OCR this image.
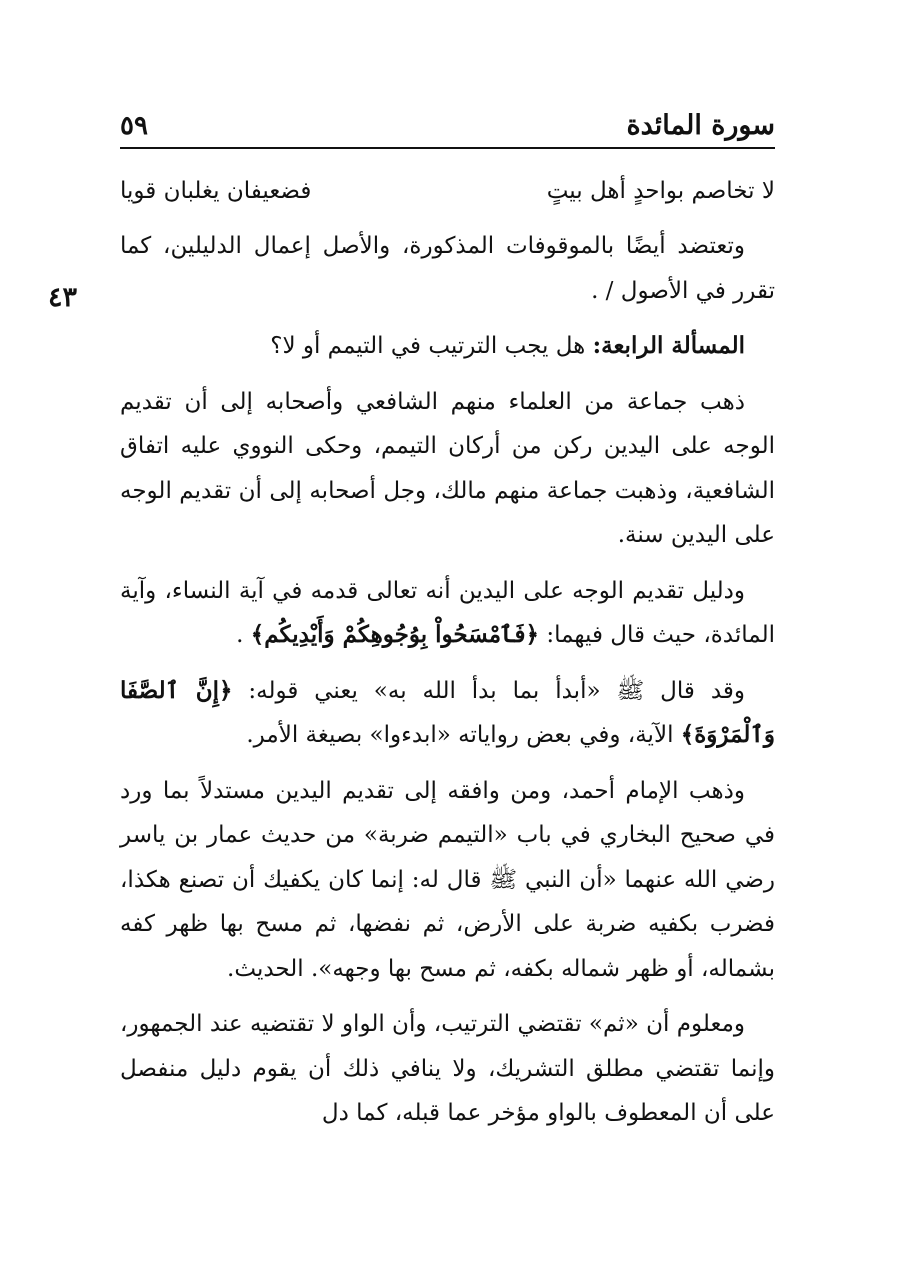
سورة المائدة
٥٩
٤٣
لا تخاصم بواحدٍ أهل بيتٍ
فضعيفان يغلبان قويا

وتعتضد أيضًا بالموقوفات المذكورة، والأصل إعمال الدليلين، كما تقرر في الأصول / .

المسألة الرابعة: هل يجب الترتيب في التيمم أو لا؟

ذهب جماعة من العلماء منهم الشافعي وأصحابه إلى أن تقديم الوجه على اليدين ركن من أركان التيمم، وحكى النووي عليه اتفاق الشافعية، وذهبت جماعة منهم مالك، وجل أصحابه إلى أن تقديم الوجه على اليدين سنة.

ودليل تقديم الوجه على اليدين أنه تعالى قدمه في آية النساء، وآية المائدة، حيث قال فيهما: ﴿فَٱمْسَحُواْ بِوُجُوهِكُمْ وَأَيْدِيكُم﴾ .

وقد قال ﷺ «أبدأ بما بدأ الله به» يعني قوله: ﴿إِنَّ ٱلصَّفَا وَٱلْمَرْوَةَ﴾ الآية، وفي بعض رواياته «ابدءوا» بصيغة الأمر.

وذهب الإمام أحمد، ومن وافقه إلى تقديم اليدين مستدلاً بما ورد في صحيح البخاري في باب «التيمم ضربة» من حديث عمار بن ياسر رضي الله عنهما «أن النبي ﷺ قال له: إنما كان يكفيك أن تصنع هكذا، فضرب بكفيه ضربة على الأرض، ثم نفضها، ثم مسح بها ظهر كفه بشماله، أو ظهر شماله بكفه، ثم مسح بها وجهه». الحديث.

ومعلوم أن «ثم» تقتضي الترتيب، وأن الواو لا تقتضيه عند الجمهور، وإنما تقتضي مطلق التشريك، ولا ينافي ذلك أن يقوم دليل منفصل على أن المعطوف بالواو مؤخر عما قبله، كما دل
